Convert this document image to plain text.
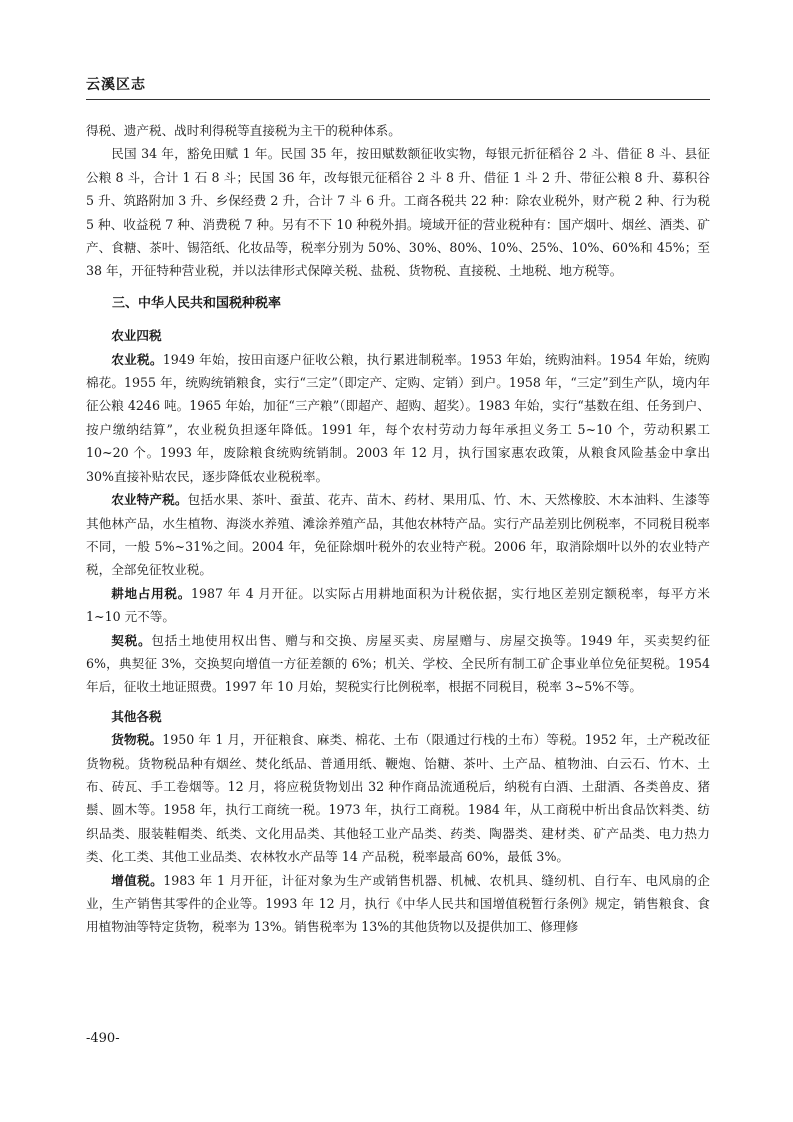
云溪区志

得税、遗产税、战时利得税等直接税为主干的税种体系。

民国 34 年，豁免田赋 1 年。民国 35 年，按田赋数额征收实物，每银元折征稻谷 2 斗、借征 8 斗、县征公粮 8 斗，合计 1 石 8 斗；民国 36 年，改每银元征稻谷 2 斗 8 升、借征 1 斗 2 升、带征公粮 8 升、募积谷 5 升、筑路附加 3 升、乡保经费 2 升，合计 7 斗 6 升。工商各税共 22 种：除农业税外，财产税 2 种、行为税 5 种、收益税 7 种、消费税 7 种。另有不下 10 种税外捐。境域开征的营业税种有：国产烟叶、烟丝、酒类、矿产、食糖、茶叶、锡箔纸、化妆品等，税率分别为 50%、30%、80%、10%、25%、10%、60%和 45%；至 38 年，开征特种营业税，并以法律形式保障关税、盐税、货物税、直接税、土地税、地方税等。

三、中华人民共和国税种税率
农业四税

农业税。1949 年始，按田亩逐户征收公粮，执行累进制税率。1953 年始，统购油料。1954 年始，统购棉花。1955 年，统购统销粮食，实行“三定”（即定产、定购、定销）到户。1958 年，“三定”到生产队，境内年征公粮 4246 吨。1965 年始，加征“三产粮”（即超产、超购、超奖）。1983 年始，实行“基数在组、任务到户、按户缴纳结算”，农业税负担逐年降低。1991 年，每个农村劳动力每年承担义务工 5~10 个，劳动积累工 10~20 个。1993 年，废除粮食统购统销制。2003 年 12 月，执行国家惠农政策，从粮食风险基金中拿出 30%直接补贴农民，逐步降低农业税税率。

农业特产税。包括水果、茶叶、蚕茧、花卉、苗木、药材、果用瓜、竹、木、天然橡胶、木本油料、生漆等其他林产品，水生植物、海淡水养殖、滩涂养殖产品，其他农林特产品。实行产品差别比例税率，不同税目税率不同，一般 5%~31%之间。2004 年，免征除烟叶税外的农业特产税。2006 年，取消除烟叶以外的农业特产税，全部免征牧业税。

耕地占用税。1987 年 4 月开征。以实际占用耕地面积为计税依据，实行地区差别定额税率，每平方米 1~10 元不等。

契税。包括土地使用权出售、赠与和交换、房屋买卖、房屋赠与、房屋交换等。1949 年，买卖契约征 6%，典契征 3%，交换契向增值一方征差额的 6%；机关、学校、全民所有制工矿企事业单位免征契税。1954 年后，征收土地证照费。1997 年 10 月始，契税实行比例税率，根据不同税目，税率 3~5%不等。

其他各税

货物税。1950 年 1 月，开征粮食、麻类、棉花、土布（限通过行栈的土布）等税。1952 年，土产税改征货物税。货物税品种有烟丝、焚化纸品、普通用纸、鞭炮、饴糖、茶叶、土产品、植物油、白云石、竹木、土布、砖瓦、手工卷烟等。12 月，将应税货物划出 32 种作商品流通税后，纳税有白酒、土甜酒、各类兽皮、猪鬃、圆木等。1958 年，执行工商统一税。1973 年，执行工商税。1984 年，从工商税中析出食品饮料类、纺织品类、服装鞋帽类、纸类、文化用品类、其他轻工业产品类、药类、陶器类、建材类、矿产品类、电力热力类、化工类、其他工业品类、农林牧水产品等 14 产品税，税率最高 60%，最低 3%。

增值税。1983 年 1 月开征，计征对象为生产或销售机器、机械、农机具、缝纫机、自行车、电风扇的企业，生产销售其零件的企业等。1993 年 12 月，执行《中华人民共和国增值税暂行条例》规定，销售粮食、食用植物油等特定货物，税率为 13%。销售税率为 13%的其他货物以及提供加工、修理修

-490-
